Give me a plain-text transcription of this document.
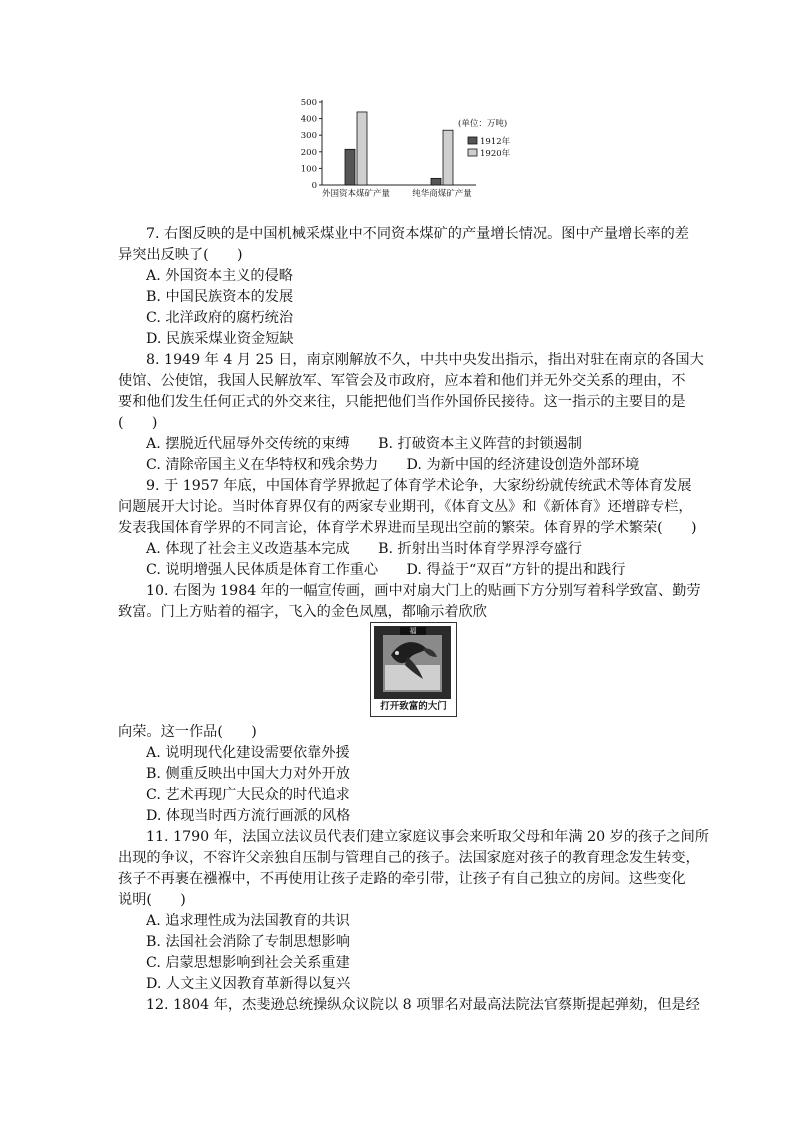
0
100
200
300
400
500
外国资本煤矿产量	纯华商煤矿产量
(单位：万吨)
1912年
1920年
7. 右图反映的是中国机械采煤业中不同资本煤矿的产量增长情况。图中产量增长率的差
异突出反映了(　　)
A. 外国资本主义的侵略
B. 中国民族资本的发展
C. 北洋政府的腐朽统治
D. 民族采煤业资金短缺
8. 1949 年 4 月 25 日，南京刚解放不久，中共中央发出指示，指出对驻在南京的各国大
使馆、公使馆，我国人民解放军、军管会及市政府，应本着和他们并无外交关系的理由，不
要和他们发生任何正式的外交来往，只能把他们当作外国侨民接待。这一指示的主要目的是
(　　)
A. 摆脱近代屈辱外交传统的束缚　　B. 打破资本主义阵营的封锁遏制
C. 清除帝国主义在华特权和残余势力　　D. 为新中国的经济建设创造外部环境
9. 于 1957 年底，中国体育学界掀起了体育学术论争，大家纷纷就传统武术等体育发展
问题展开大讨论。当时体育界仅有的两家专业期刊，《体育文丛》和《新体育》还增辟专栏，
发表我国体育学界的不同言论，体育学术界进而呈现出空前的繁荣。体育界的学术繁荣(　　)
A. 体现了社会主义改造基本完成　　B. 折射出当时体育学界浮夸盛行
C. 说明增强人民体质是体育工作重心　　D. 得益于“双百”方针的提出和践行
10. 右图为 1984 年的一幅宣传画，画中对扇大门上的贴画下方分别写着科学致富、勤劳
致富。门上方贴着的福字，飞入的金色凤凰，都喻示着欣欣
福
打开致富的大门
向荣。这一作品(　　)
A. 说明现代化建设需要依靠外援
B. 侧重反映出中国大力对外开放
C. 艺术再现广大民众的时代追求
D. 体现当时西方流行画派的风格
11. 1790 年，法国立法议员代表们建立家庭议事会来听取父母和年满 20 岁的孩子之间所
出现的争议，不容许父亲独自压制与管理自己的孩子。法国家庭对孩子的教育理念发生转变，
孩子不再裹在襁褓中，不再使用让孩子走路的牵引带，让孩子有自己独立的房间。这些变化
说明(　　)
A. 追求理性成为法国教育的共识
B. 法国社会消除了专制思想影响
C. 启蒙思想影响到社会关系重建
D. 人文主义因教育革新得以复兴
12. 1804 年，杰斐逊总统操纵众议院以 8 项罪名对最高法院法官蔡斯提起弹劾，但是经
